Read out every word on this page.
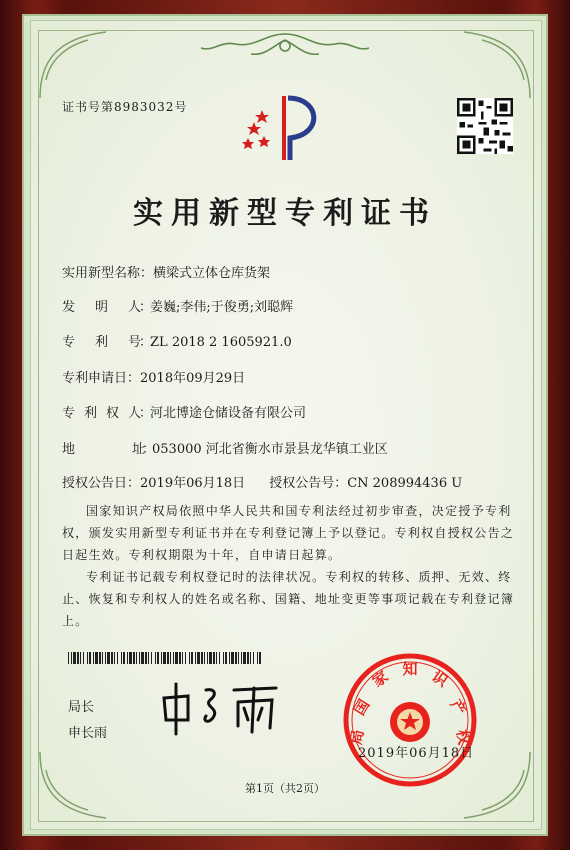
证书号第8983032号
实用新型专利证书
实用新型名称：横梁式立体仓库货架
发　　明　　人：姜巍;李伟;于俊勇;刘聪辉
专　　利　　号：ZL 2018 2 1605921.0
专利申请日：2018年09月29日
专　利　权　人：河北博途仓储设备有限公司
地　　　　　　址：053000 河北省衡水市景县龙华镇工业区
授权公告日：2019年06月18日 授权公告号：CN 208994436 U
国家知识产权局依照中华人民共和国专利法经过初步审查，决定授予专利权，颁发实用新型专利证书并在专利登记簿上予以登记。专利权自授权公告之日起生效。专利权期限为十年，自申请日起算。
专利证书记载专利权登记时的法律状况。专利权的转移、质押、无效、终止、恢复和专利权人的姓名或名称、国籍、地址变更等事项记载在专利登记簿上。
局长
申长雨
国
家 知 识
产
权
局
2019年06月18日
第1页（共2页）
